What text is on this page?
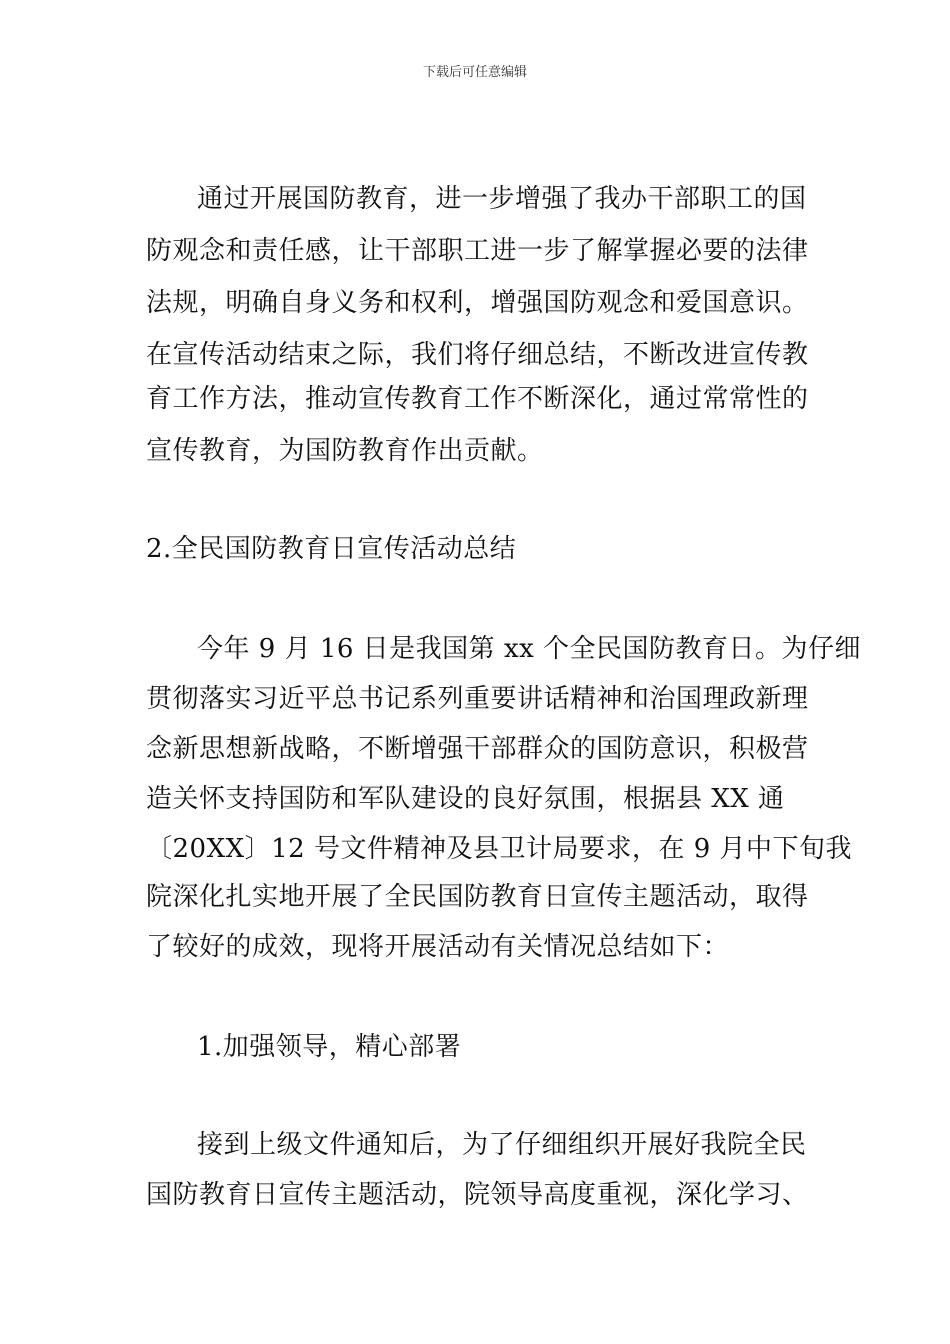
下载后可任意编辑
通过开展国防教育，进一步增强了我办干部职工的国
防观念和责任感，让干部职工进一步了解掌握必要的法律
法规，明确自身义务和权利，增强国防观念和爱国意识。
在宣传活动结束之际，我们将仔细总结，不断改进宣传教
育工作方法，推动宣传教育工作不断深化，通过常常性的
宣传教育，为国防教育作出贡献。
2.全民国防教育日宣传活动总结
今年 9 月 16 日是我国第 xx 个全民国防教育日。为仔细
贯彻落实习近平总书记系列重要讲话精神和治国理政新理
念新思想新战略，不断增强干部群众的国防意识，积极营
造关怀支持国防和军队建设的良好氛围，根据县 XX 通
〔20XX〕12 号文件精神及县卫计局要求，在 9 月中下旬我
院深化扎实地开展了全民国防教育日宣传主题活动，取得
了较好的成效，现将开展活动有关情况总结如下：
1.加强领导，精心部署
接到上级文件通知后，为了仔细组织开展好我院全民
国防教育日宣传主题活动，院领导高度重视，深化学习、
